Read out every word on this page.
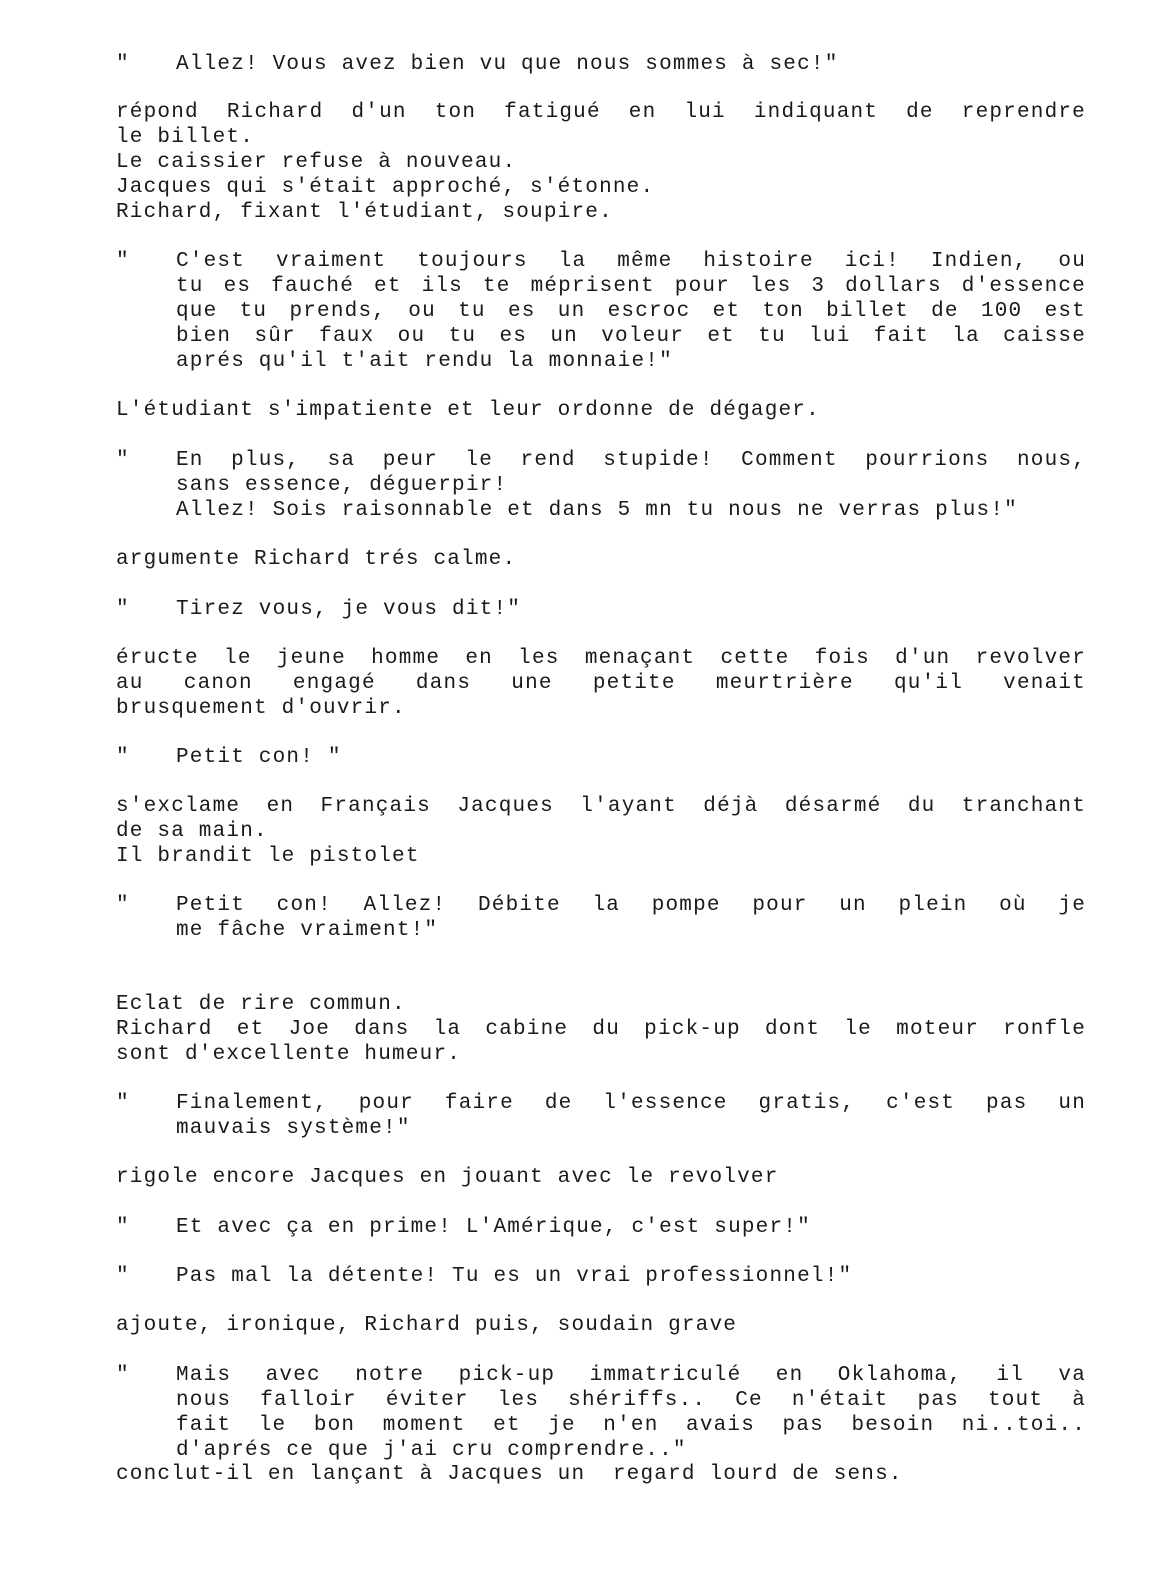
" Allez! Vous avez bien vu que nous sommes à sec!"
répond Richard d'un ton fatigué en lui indiquant de reprendre
le billet.
Le caissier refuse à nouveau.
Jacques qui s'était approché, s'étonne.
Richard, fixant l'étudiant, soupire.
" C'est vraiment toujours la même histoire ici! Indien, ou
tu es fauché et ils te méprisent pour les 3 dollars d'essence
que tu prends, ou tu es un escroc et ton billet de 100 est
bien sûr faux ou tu es un voleur et tu lui fait la caisse
aprés qu'il t'ait rendu la monnaie!"
L'étudiant s'impatiente et leur ordonne de dégager.
" En plus, sa peur le rend stupide! Comment pourrions nous,
sans essence, déguerpir!
Allez! Sois raisonnable et dans 5 mn tu nous ne verras plus!"
argumente Richard trés calme.
" Tirez vous, je vous dit!"
éructe le jeune homme en les menaçant cette fois d'un revolver
au canon engagé dans une petite meurtrière qu'il venait
brusquement d'ouvrir.
" Petit con! "
s'exclame en Français Jacques l'ayant déjà désarmé du tranchant
de sa main.
Il brandit le pistolet
" Petit con! Allez! Débite la pompe pour un plein où je
me fâche vraiment!"
Eclat de rire commun.
Richard et Joe dans la cabine du pick-up dont le moteur ronfle
sont d'excellente humeur.
" Finalement, pour faire de l'essence gratis, c'est pas un
mauvais système!"
rigole encore Jacques en jouant avec le revolver
" Et avec ça en prime! L'Amérique, c'est super!"
" Pas mal la détente! Tu es un vrai professionnel!"
ajoute, ironique, Richard puis, soudain grave
" Mais avec notre pick-up immatriculé en Oklahoma, il va
nous falloir éviter les shériffs.. Ce n'était pas tout à
fait le bon moment et je n'en avais pas besoin ni..toi..
d'aprés ce que j'ai cru comprendre.."
conclut-il en lançant à Jacques un  regard lourd de sens.
